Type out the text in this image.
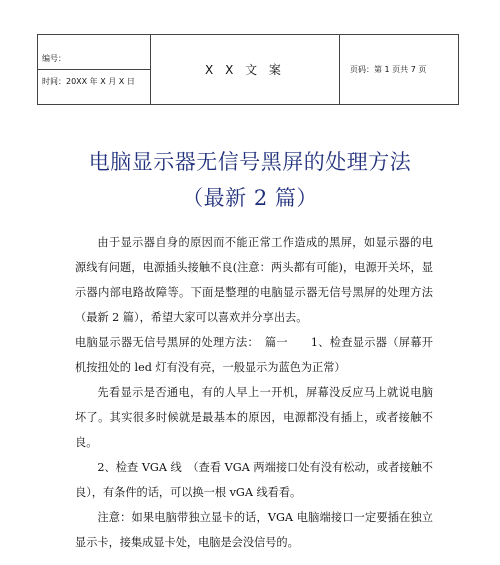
编号：
时间：20XX 年 X 月 X 日
	X X 文 案	页码：第 1 页共 7 页
电脑显示器无信号黑屏的处理方法
（最新 2 篇）

由于显示器自身的原因而不能正常工作造成的黑屏，如显示器的电源线有问题，电源插头接触不良(注意：两头都有可能)，电源开关坏，显示器内部电路故障等。下面是整理的电脑显示器无信号黑屏的处理方法（最新 2 篇），希望大家可以喜欢并分享出去。

电脑显示器无信号黑屏的处理方法：　篇一　　1、检查显示器（屏幕开机按扭处的 led 灯有没有亮，一般显示为蓝色为正常）

先看显示是否通电，有的人早上一开机，屏幕没反应马上就说电脑坏了。其实很多时候就是最基本的原因，电源都没有插上，或者接触不良。

2、检查 VGA 线　（查看 VGA 两端接口处有没有松动，或者接触不良），有条件的话，可以换一根 vGA 线看看。

注意：如果电脑带独立显卡的话，VGA 电脑端接口一定要插在独立显示卡，接集成显卡处，电脑是会没信号的。
